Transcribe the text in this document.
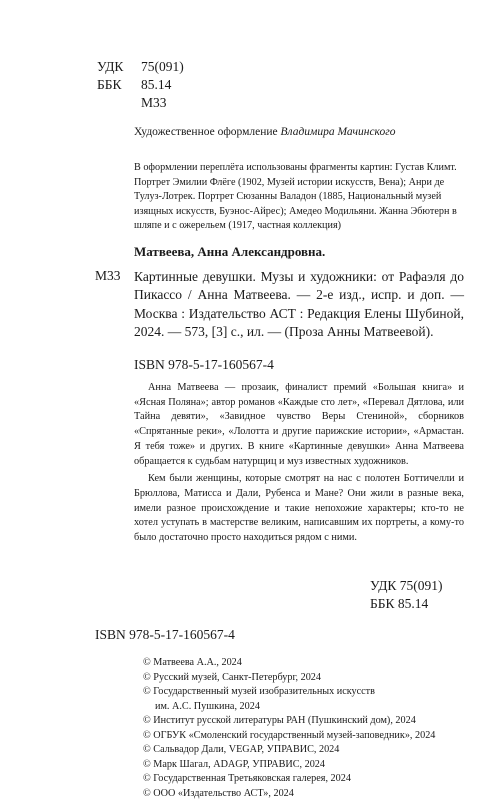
УДК 75(091)
ББК 85.14
М33
Художественное оформление Владимира Мачинского

В оформлении переплёта использованы фрагменты картин: Густав Климт. Портрет Эмилии Флёге (1902, Музей истории искусств, Вена); Анри де Тулуз-Лотрек. Портрет Сюзанны Валадон (1885, Национальный музей изящных искусств, Буэнос-Айрес); Амедео Модильяни. Жанна Эбютерн в шляпе и с ожерельем (1917, частная коллекция)

Матвеева, Анна Александровна.
М33 Картинные девушки. Музы и художники: от Рафаэля до Пикассо / Анна Матвеева. — 2-е изд., испр. и доп. — Москва : Издательство АСТ : Редакция Елены Шубиной, 2024. — 573, [3] с., ил. — (Проза Анны Матвеевой).
ISBN 978-5-17-160567-4

Анна Матвеева — прозаик, финалист премий «Большая книга» и «Ясная Поляна»; автор романов «Каждые сто лет», «Перевал Дятлова, или Тайна девяти», «Завидное чувство Веры Стениной», сборников «Спрятанные реки», «Лолотта и другие парижские истории», «Армастан. Я тебя тоже» и других. В книге «Картинные девушки» Анна Матвеева обращается к судьбам натурщиц и муз известных художников.

Кем были женщины, которые смотрят на нас с полотен Боттичелли и Брюллова, Матисса и Дали, Рубенса и Мане? Они жили в разные века, имели разное происхождение и такие непохожие характеры; кто-то не хотел уступать в мастерстве великим, написавшим их портреты, а кому-то было достаточно просто находиться рядом с ними.

УДК 75(091)
ББК 85.14
ISBN 978-5-17-160567-4
© Матвеева А.А., 2024
© Русский музей, Санкт-Петербург, 2024
© Государственный музей изобразительных искусств
им. А.С. Пушкина, 2024
© Институт русской литературы РАН (Пушкинский дом), 2024
© ОГБУК «Смоленский государственный музей-заповедник», 2024
© Сальвадор Дали, VEGAP, УПРАВИС, 2024
© Марк Шагал, ADAGP, УПРАВИС, 2024
© Государственная Третьяковская галерея, 2024
© ООО «Издательство АСТ», 2024
